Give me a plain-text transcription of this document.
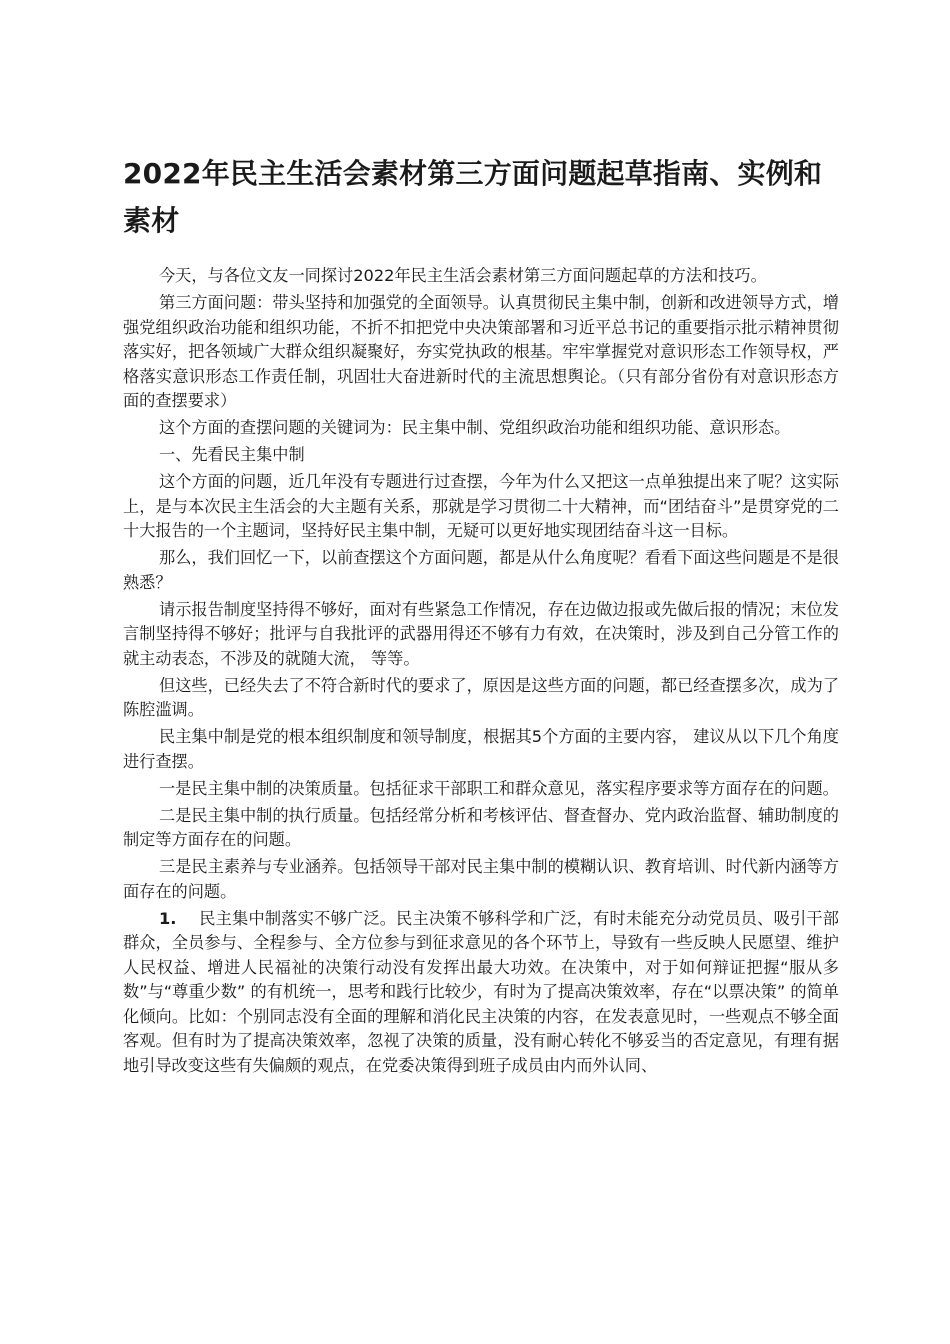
2022年民主生活会素材第三方面问题起草指南、实例和素材

今天，与各位文友一同探讨2022年民主生活会素材第三方面问题起草的方法和技巧。

第三方面问题：带头坚持和加强党的全面领导。认真贯彻民主集中制，创新和改进领导方式，增强党组织政治功能和组织功能，不折不扣把党中央决策部署和习近平总书记的重要指示批示精神贯彻落实好，把各领域广大群众组织凝聚好，夯实党执政的根基。牢牢掌握党对意识形态工作领导权，严格落实意识形态工作责任制，巩固壮大奋进新时代的主流思想舆论。（只有部分省份有对意识形态方面的查摆要求）

这个方面的查摆问题的关键词为：民主集中制、党组织政治功能和组织功能、意识形态。

一、先看民主集中制

这个方面的问题，近几年没有专题进行过查摆，今年为什么又把这一点单独提出来了呢？这实际上，是与本次民主生活会的大主题有关系，那就是学习贯彻二十大精神，而“团结奋斗”是贯穿党的二十大报告的一个主题词，坚持好民主集中制，无疑可以更好地实现团结奋斗这一目标。

那么，我们回忆一下，以前查摆这个方面问题，都是从什么角度呢？看看下面这些问题是不是很熟悉？

请示报告制度坚持得不够好，面对有些紧急工作情况，存在边做边报或先做后报的情况；末位发言制坚持得不够好；批评与自我批评的武器用得还不够有力有效，在决策时，涉及到自己分管工作的就主动表态，不涉及的就随大流， 等等。

但这些，已经失去了不符合新时代的要求了，原因是这些方面的问题，都已经查摆多次，成为了陈腔滥调。

民主集中制是党的根本组织制度和领导制度，根据其5个方面的主要内容， 建议从以下几个角度进行查摆。

一是民主集中制的决策质量。包括征求干部职工和群众意见，落实程序要求等方面存在的问题。

二是民主集中制的执行质量。包括经常分析和考核评估、督查督办、党内政治监督、辅助制度的制定等方面存在的问题。

三是民主素养与专业涵养。包括领导干部对民主集中制的模糊认识、教育培训、时代新内涵等方面存在的问题。

1. 民主集中制落实不够广泛。民主决策不够科学和广泛，有时未能充分动党员员、吸引干部群众，全员参与、全程参与、全方位参与到征求意见的各个环节上，导致有一些反映人民愿望、维护人民权益、增进人民福祉的决策行动没有发挥出最大功效。在决策中，对于如何辩证把握“服从多数”与“尊重少数” 的有机统一，思考和践行比较少，有时为了提高决策效率，存在“以票决策” 的简单化倾向。比如：个别同志没有全面的理解和消化民主决策的内容，在发表意见时，一些观点不够全面客观。但有时为了提高决策效率，忽视了决策的质量，没有耐心转化不够妥当的否定意见，有理有据地引导改变这些有失偏颇的观点，在党委决策得到班子成员由内而外认同、
